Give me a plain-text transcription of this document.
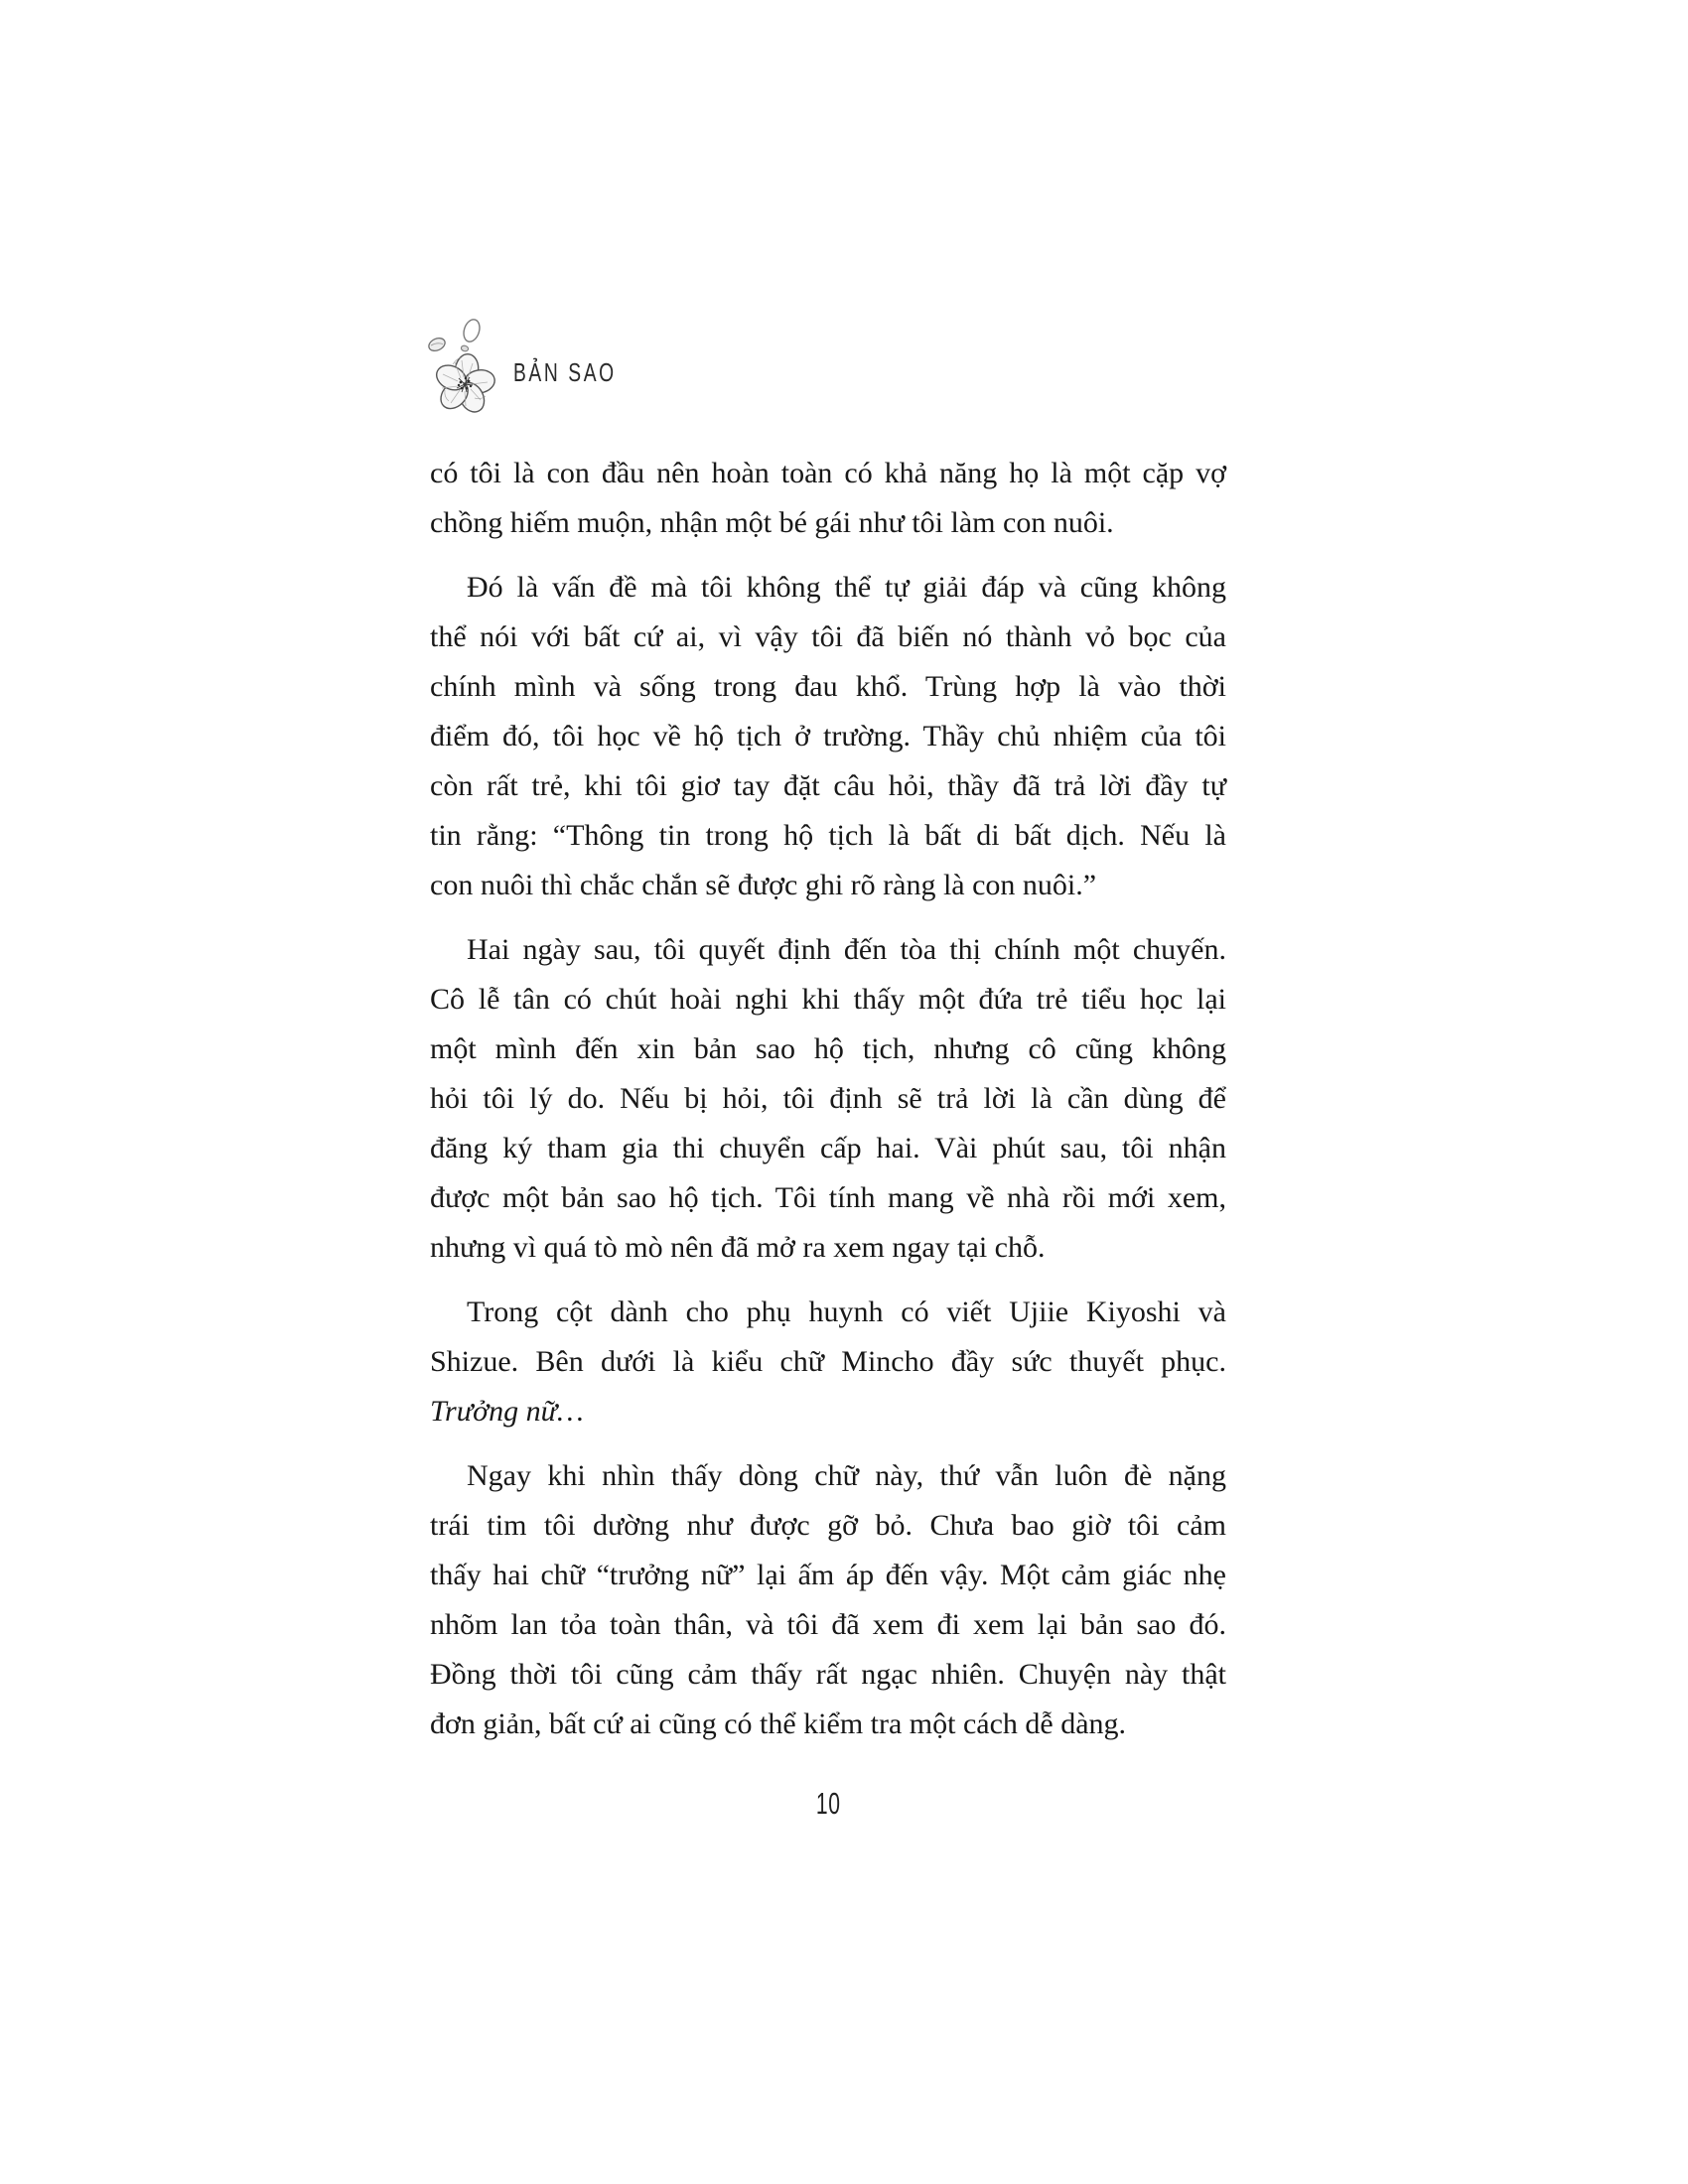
BẢN SAO
có tôi là con đầu nên hoàn toàn có khả năng họ là một cặp vợ
chồng hiếm muộn, nhận một bé gái như tôi làm con nuôi.
Đó là vấn đề mà tôi không thể tự giải đáp và cũng không
thể nói với bất cứ ai, vì vậy tôi đã biến nó thành vỏ bọc của
chính mình và sống trong đau khổ. Trùng hợp là vào thời
điểm đó, tôi học về hộ tịch ở trường. Thầy chủ nhiệm của tôi
còn rất trẻ, khi tôi giơ tay đặt câu hỏi, thầy đã trả lời đầy tự
tin rằng: “Thông tin trong hộ tịch là bất di bất dịch. Nếu là
con nuôi thì chắc chắn sẽ được ghi rõ ràng là con nuôi.”
Hai ngày sau, tôi quyết định đến tòa thị chính một chuyến.
Cô lễ tân có chút hoài nghi khi thấy một đứa trẻ tiểu học lại
một mình đến xin bản sao hộ tịch, nhưng cô cũng không
hỏi tôi lý do. Nếu bị hỏi, tôi định sẽ trả lời là cần dùng để
đăng ký tham gia thi chuyển cấp hai. Vài phút sau, tôi nhận
được một bản sao hộ tịch. Tôi tính mang về nhà rồi mới xem,
nhưng vì quá tò mò nên đã mở ra xem ngay tại chỗ.
Trong cột dành cho phụ huynh có viết Ujiie Kiyoshi và
Shizue. Bên dưới là kiểu chữ Mincho đầy sức thuyết phục.
Trưởng nữ…
Ngay khi nhìn thấy dòng chữ này, thứ vẫn luôn đè nặng
trái tim tôi dường như được gỡ bỏ. Chưa bao giờ tôi cảm
thấy hai chữ “trưởng nữ” lại ấm áp đến vậy. Một cảm giác nhẹ
nhõm lan tỏa toàn thân, và tôi đã xem đi xem lại bản sao đó.
Đồng thời tôi cũng cảm thấy rất ngạc nhiên. Chuyện này thật
đơn giản, bất cứ ai cũng có thể kiểm tra một cách dễ dàng.
10
